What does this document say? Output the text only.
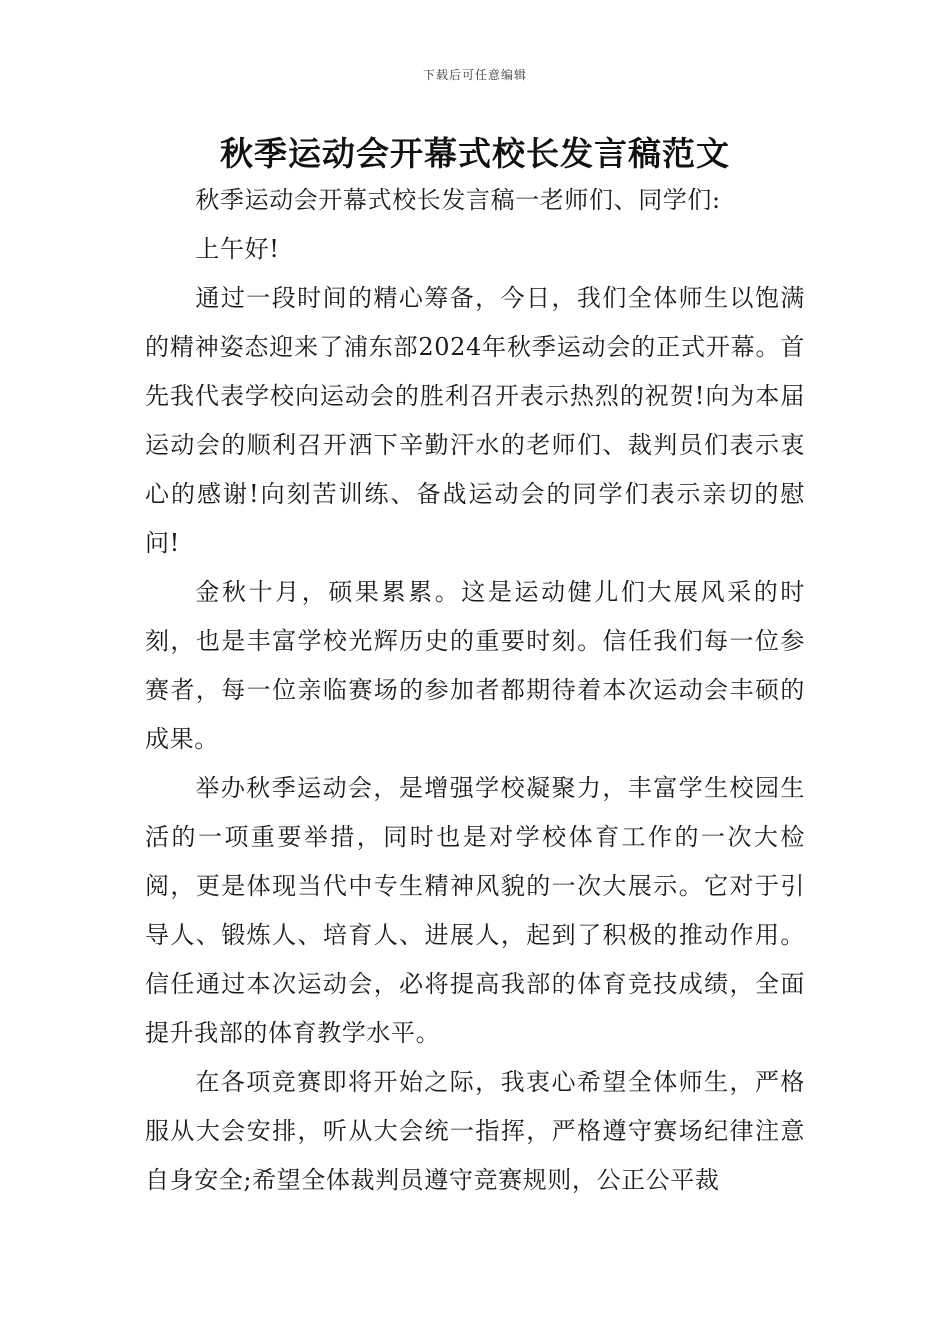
下载后可任意编辑
秋季运动会开幕式校长发言稿范文

秋季运动会开幕式校长发言稿一老师们、同学们:

上午好!

通过一段时间的精心筹备，今日，我们全体师生以饱满的精神姿态迎来了浦东部2024年秋季运动会的正式开幕。首先我代表学校向运动会的胜利召开表示热烈的祝贺!向为本届运动会的顺利召开洒下辛勤汗水的老师们、裁判员们表示衷心的感谢!向刻苦训练、备战运动会的同学们表示亲切的慰问!

金秋十月，硕果累累。这是运动健儿们大展风采的时刻，也是丰富学校光辉历史的重要时刻。信任我们每一位参赛者，每一位亲临赛场的参加者都期待着本次运动会丰硕的成果。

举办秋季运动会，是增强学校凝聚力，丰富学生校园生活的一项重要举措，同时也是对学校体育工作的一次大检阅，更是体现当代中专生精神风貌的一次大展示。它对于引导人、锻炼人、培育人、进展人，起到了积极的推动作用。信任通过本次运动会，必将提高我部的体育竞技成绩，全面提升我部的体育教学水平。

在各项竞赛即将开始之际，我衷心希望全体师生，严格服从大会安排，听从大会统一指挥，严格遵守赛场纪律注意自身安全;希望全体裁判员遵守竞赛规则，公正公平裁
